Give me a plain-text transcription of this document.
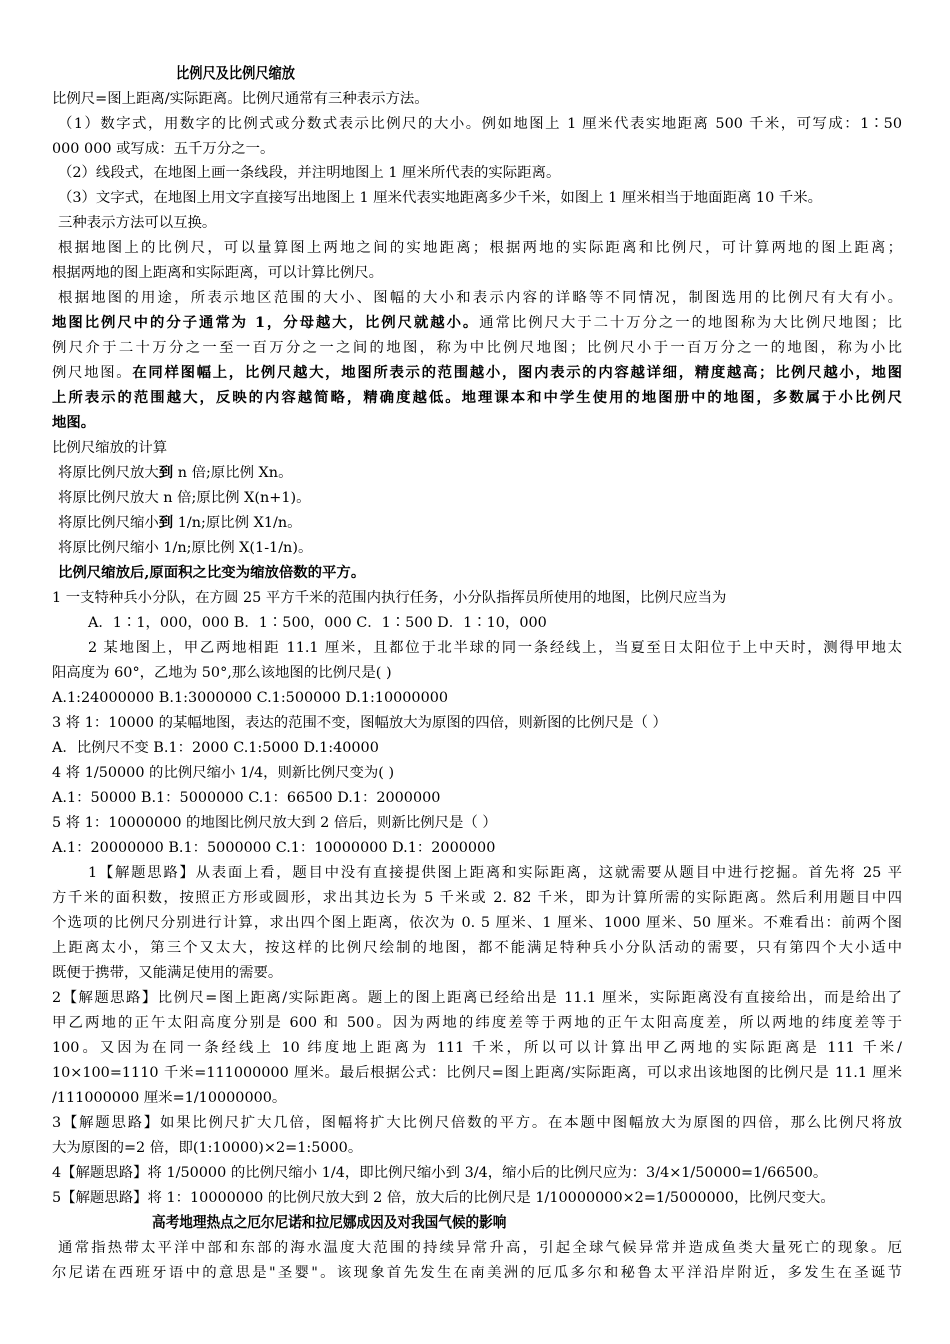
比例尺及比例尺缩放
比例尺=图上距离/实际距离。比例尺通常有三种表示方法。
（1）数字式，用数字的比例式或分数式表示比例尺的大小。例如地图上 1 厘米代表实地距离 500 千米，可写成：1∶50
000 000 或写成：五千万分之一。
（2）线段式，在地图上画一条线段，并注明地图上 1 厘米所代表的实际距离。
（3）文字式，在地图上用文字直接写出地图上 1 厘米代表实地距离多少千米，如图上 1 厘米相当于地面距离 10 千米。
三种表示方法可以互换。
根据地图上的比例尺，可以量算图上两地之间的实地距离；根据两地的实际距离和比例尺，可计算两地的图上距离；
根据两地的图上距离和实际距离，可以计算比例尺。
根据地图的用途，所表示地区范围的大小、图幅的大小和表示内容的详略等不同情况，制图选用的比例尺有大有小。
地图比例尺中的分子通常为 1，分母越大，比例尺就越小。通常比例尺大于二十万分之一的地图称为大比例尺地图；比
例尺介于二十万分之一至一百万分之一之间的地图，称为中比例尺地图；比例尺小于一百万分之一的地图，称为小比
例尺地图。在同样图幅上，比例尺越大，地图所表示的范围越小，图内表示的内容越详细，精度越高；比例尺越小，地图
上所表示的范围越大，反映的内容越简略，精确度越低。地理课本和中学生使用的地图册中的地图，多数属于小比例尺
地图。
比例尺缩放的计算
将原比例尺放大到 n 倍;原比例 Xn。
将原比例尺放大 n 倍;原比例 X(n+1)。
将原比例尺缩小到 1/n;原比例 X1/n。
将原比例尺缩小 1/n;原比例 X(1-1/n)。
比例尺缩放后,原面积之比变为缩放倍数的平方。
1 一支特种兵小分队，在方圆 25 平方千米的范围内执行任务，小分队指挥员所使用的地图，比例尺应当为
A．1∶1，000，000 B．1∶500，000 C．1∶500 D．1∶10，000
2 某地图上，甲乙两地相距 11.1 厘米，且都位于北半球的同一条经线上，当夏至日太阳位于上中天时，测得甲地太
阳高度为 60°，乙地为 50°,那么该地图的比例尺是( )
A.1:24000000 B.1:3000000 C.1:500000 D.1:10000000
3 将 1：10000 的某幅地图，表达的范围不变，图幅放大为原图的四倍，则新图的比例尺是（ ）
A．比例尺不变 B.1：2000 C.1:5000 D.1:40000
4 将 1/50000 的比例尺缩小 1/4，则新比例尺变为( )
A.1：50000 B.1：5000000 C.1：66500 D.1：2000000
5 将 1：10000000 的地图比例尺放大到 2 倍后，则新比例尺是（ ）
A.1：20000000 B.1：5000000 C.1：10000000 D.1：2000000
1【解题思路】从表面上看，题目中没有直接提供图上距离和实际距离，这就需要从题目中进行挖掘。首先将 25 平
方千米的面积数，按照正方形或圆形，求出其边长为 5 千米或 2. 82 千米，即为计算所需的实际距离。然后利用题目中四
个选项的比例尺分别进行计算，求出四个图上距离，依次为 0. 5 厘米、1 厘米、1000 厘米、50 厘米。不难看出：前两个图
上距离太小，第三个又太大，按这样的比例尺绘制的地图，都不能满足特种兵小分队活动的需要，只有第四个大小适中
既便于携带，又能满足使用的需要。
2【解题思路】比例尺=图上距离/实际距离。题上的图上距离已经给出是 11.1 厘米，实际距离没有直接给出，而是给出了
甲乙两地的正午太阳高度分别是 600 和 500。因为两地的纬度差等于两地的正午太阳高度差，所以两地的纬度差等于
100。又因为在同一条经线上 10 纬度地上距离为 111 千米，所以可以计算出甲乙两地的实际距离是 111 千米/
10×100=1110 千米=111000000 厘米。最后根据公式：比例尺=图上距离/实际距离，可以求出该地图的比例尺是 11.1 厘米
/111000000 厘米=1/10000000。
3【解题思路】如果比例尺扩大几倍，图幅将扩大比例尺倍数的平方。在本题中图幅放大为原图的四倍，那么比例尺将放
大为原图的=2 倍，即(1:10000)×2=1:5000。
4【解题思路】将 1/50000 的比例尺缩小 1/4，即比例尺缩小到 3/4，缩小后的比例尺应为：3/4×1/50000=1/66500。
5【解题思路】将 1：10000000 的比例尺放大到 2 倍，放大后的比例尺是 1/10000000×2=1/5000000，比例尺变大。
高考地理热点之厄尔尼诺和拉尼娜成因及对我国气候的影响
通常指热带太平洋中部和东部的海水温度大范围的持续异常升高，引起全球气候异常并造成鱼类大量死亡的现象。厄
尔尼诺在西班牙语中的意思是"圣婴"。该现象首先发生在南美洲的厄瓜多尔和秘鲁太平洋沿岸附近，多发生在圣诞节
